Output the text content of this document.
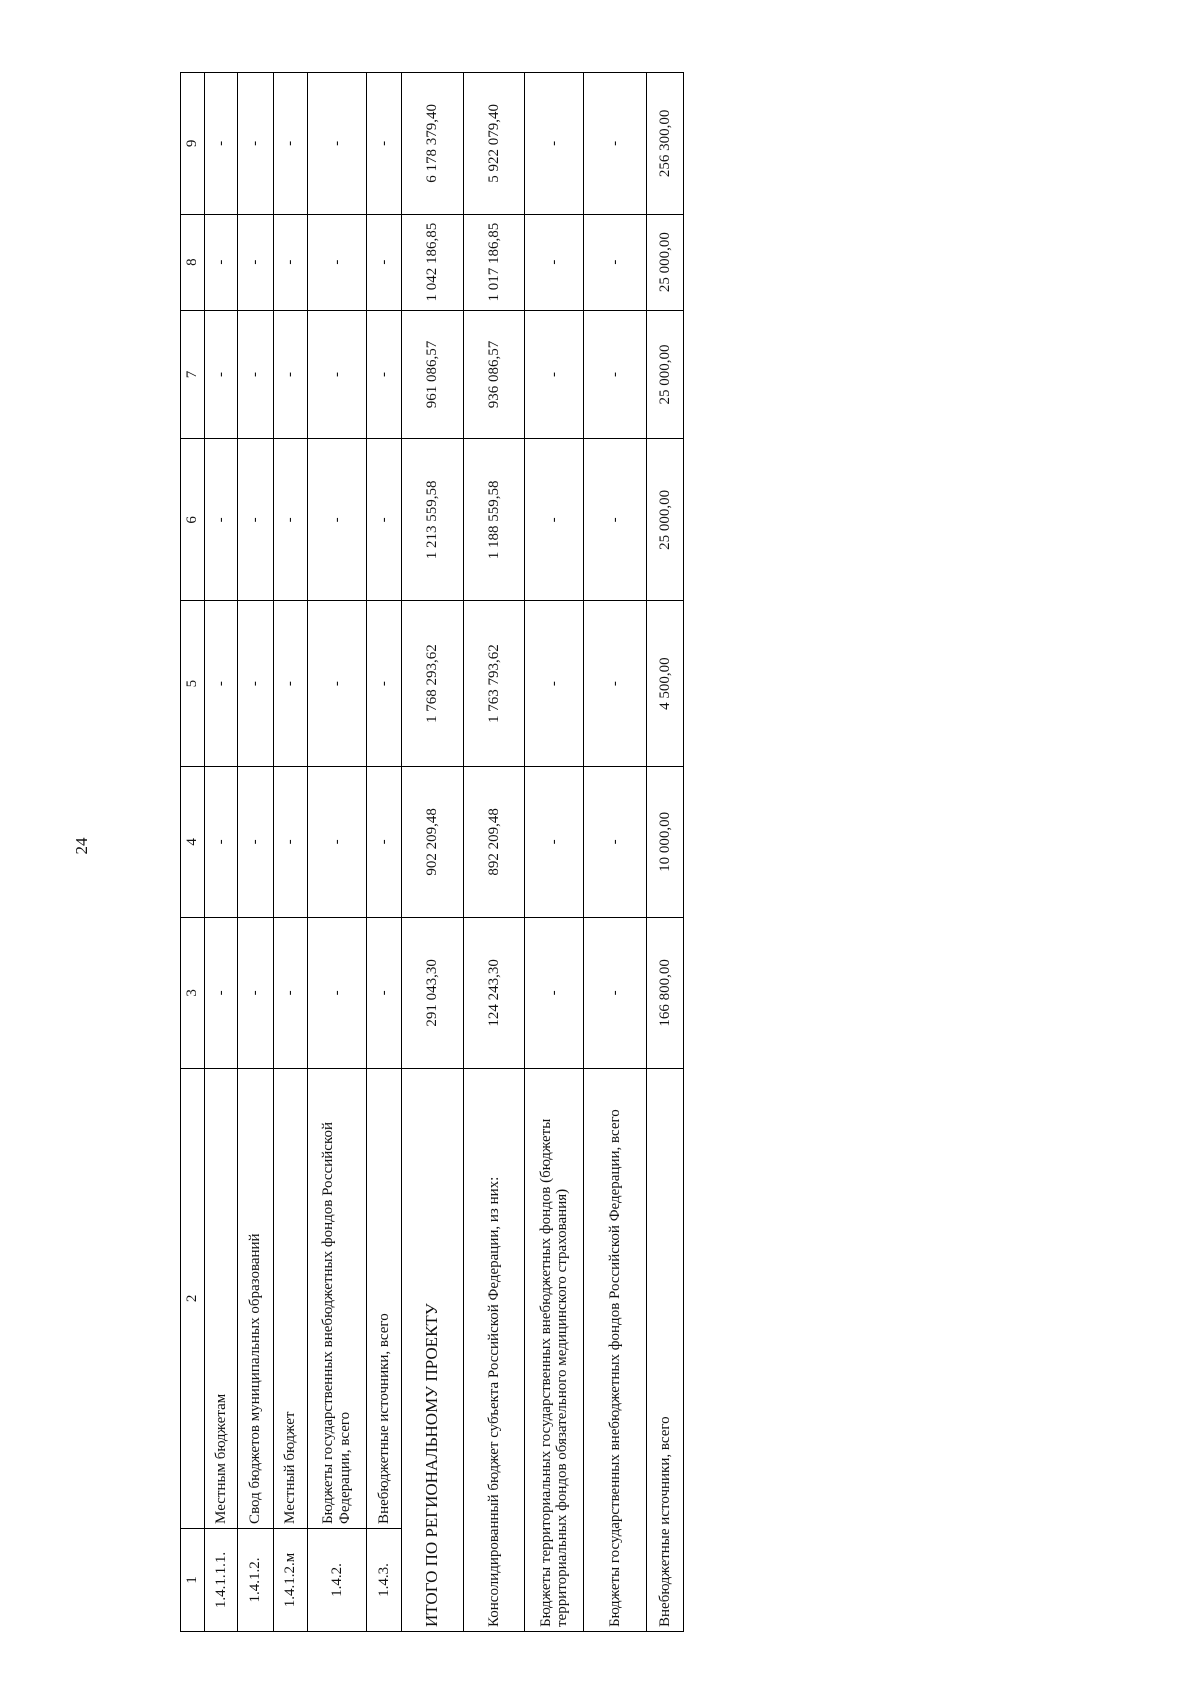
24
1	2	3	4	5	6	7	8	9
1.4.1.1.1.	Местным бюджетам	-	-	-	-	-	-	-
1.4.1.2.	Свод бюджетов муниципальных образований	-	-	-	-	-	-	-
1.4.1.2.м	Местный бюджет	-	-	-	-	-	-	-
1.4.2.	Бюджеты государственных внебюджетных фондов Российской Федерации, всего	-	-	-	-	-	-	-
1.4.3.	Внебюджетные источники, всего	-	-	-	-	-	-	-
ИТОГО ПО РЕГИОНАЛЬНОМУ ПРОЕКТУ		291 043,30	902 209,48	1 768 293,62	1 213 559,58	961 086,57	1 042 186,85	6 178 379,40
Консолидированный бюджет субъекта Российской Федерации, из них:		124 243,30	892 209,48	1 763 793,62	1 188 559,58	936 086,57	1 017 186,85	5 922 079,40
Бюджеты территориальных государственных внебюджетных фондов (бюджеты территориальных фондов обязательного медицинского страхования)		-	-	-	-	-	-	-
Бюджеты государственных внебюджетных фондов Российской Федерации, всего		-	-	-	-	-	-	-
Внебюджетные источники, всего		166 800,00	10 000,00	4 500,00	25 000,00	25 000,00	25 000,00	256 300,00
